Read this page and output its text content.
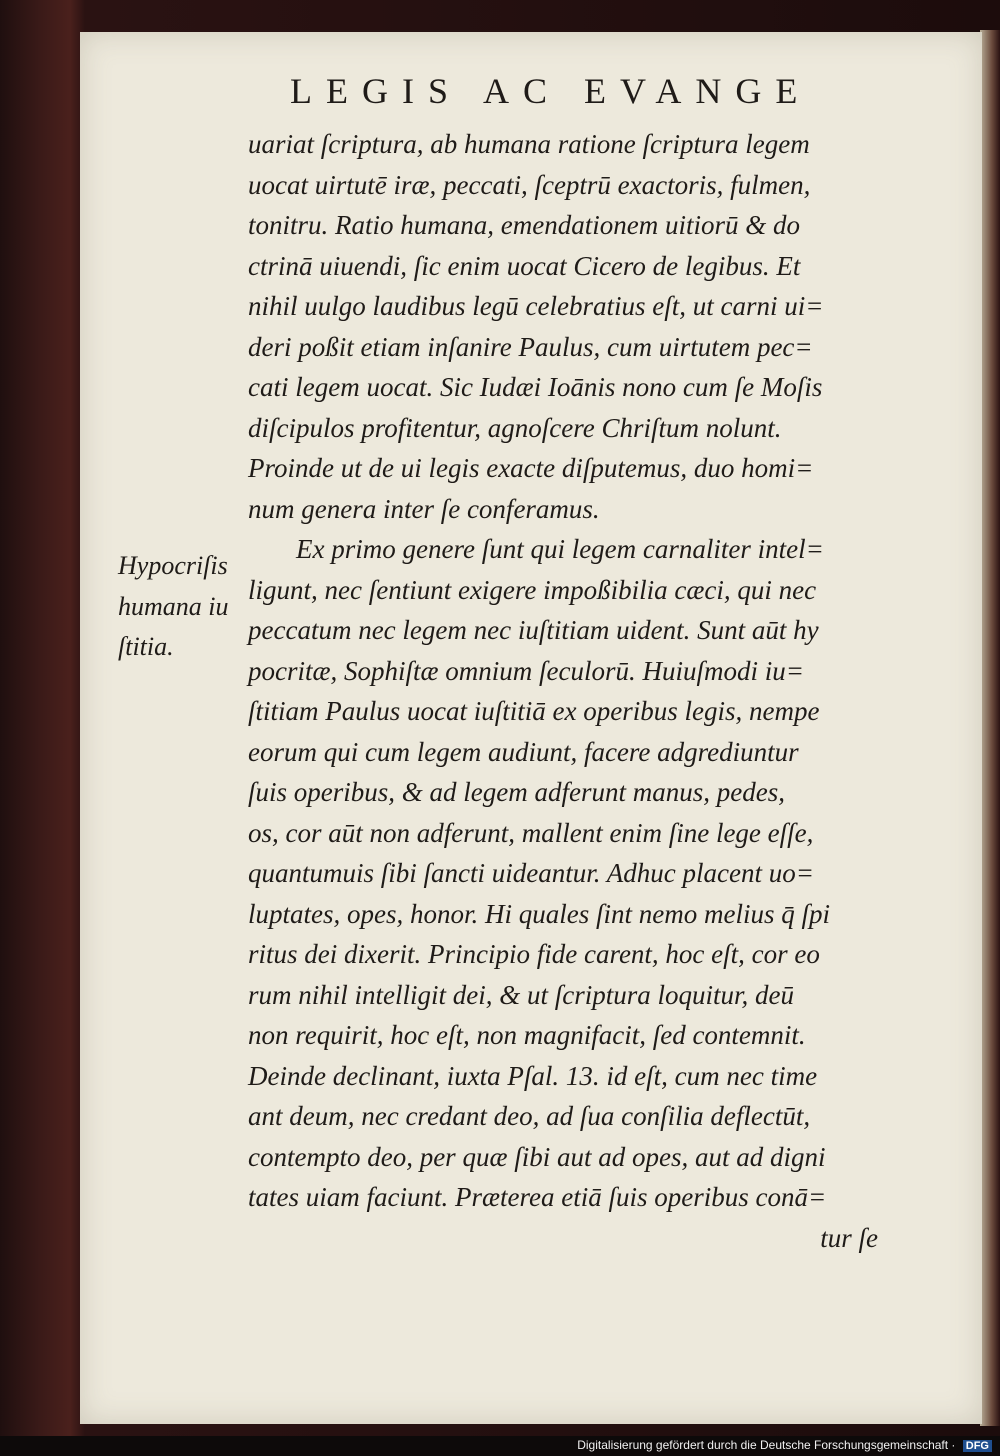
LEGIS AC EVANGE
uariat ſcriptura, ab humana ratione ſcriptura legem
uocat uirtutē iræ, peccati, ſceptrū exactoris, fulmen,
tonitru. Ratio humana, emendationem uitiorū & do
ctrinā uiuendi, ſic enim uocat Cicero de legibus. Et
nihil uulgo laudibus legū celebratius eſt, ut carni ui=
deri poßit etiam inſanire Paulus, cum uirtutem pec=
cati legem uocat. Sic Iudæi Ioānis nono cum ſe Moſis
diſcipulos profitentur, agnoſcere Chriſtum nolunt.
Proinde ut de ui legis exacte diſputemus, duo homi=
num genera inter ſe conferamus.
Ex primo genere ſunt qui legem carnaliter intel=
ligunt, nec ſentiunt exigere impoßibilia cæci, qui nec
peccatum nec legem nec iuſtitiam uident. Sunt aūt hy
pocritæ, Sophiſtæ omnium ſeculorū. Huiuſmodi iu=
ſtitiam Paulus uocat iuſtitiā ex operibus legis, nempe
eorum qui cum legem audiunt, facere adgrediuntur
ſuis operibus, & ad legem adferunt manus, pedes,
os, cor aūt non adferunt, mallent enim ſine lege eſſe,
quantumuis ſibi ſancti uideantur. Adhuc placent uo=
luptates, opes, honor. Hi quales ſint nemo melius q̄ ſpi
ritus dei dixerit. Principio fide carent, hoc eſt, cor eo
rum nihil intelligit dei, & ut ſcriptura loquitur, deū
non requirit, hoc eſt, non magnifacit, ſed contemnit.
Deinde declinant, iuxta Pſal. 13. id eſt, cum nec time
ant deum, nec credant deo, ad ſua conſilia deflectūt,
contempto deo, per quæ ſibi aut ad opes, aut ad digni
tates uiam faciunt. Præterea etiā ſuis operibus conā=
tur ſe
Hypocriſis
humana iu
ſtitia.
Digitalisierung gefördert durch die Deutsche Forschungsgemeinschaft · DFG
